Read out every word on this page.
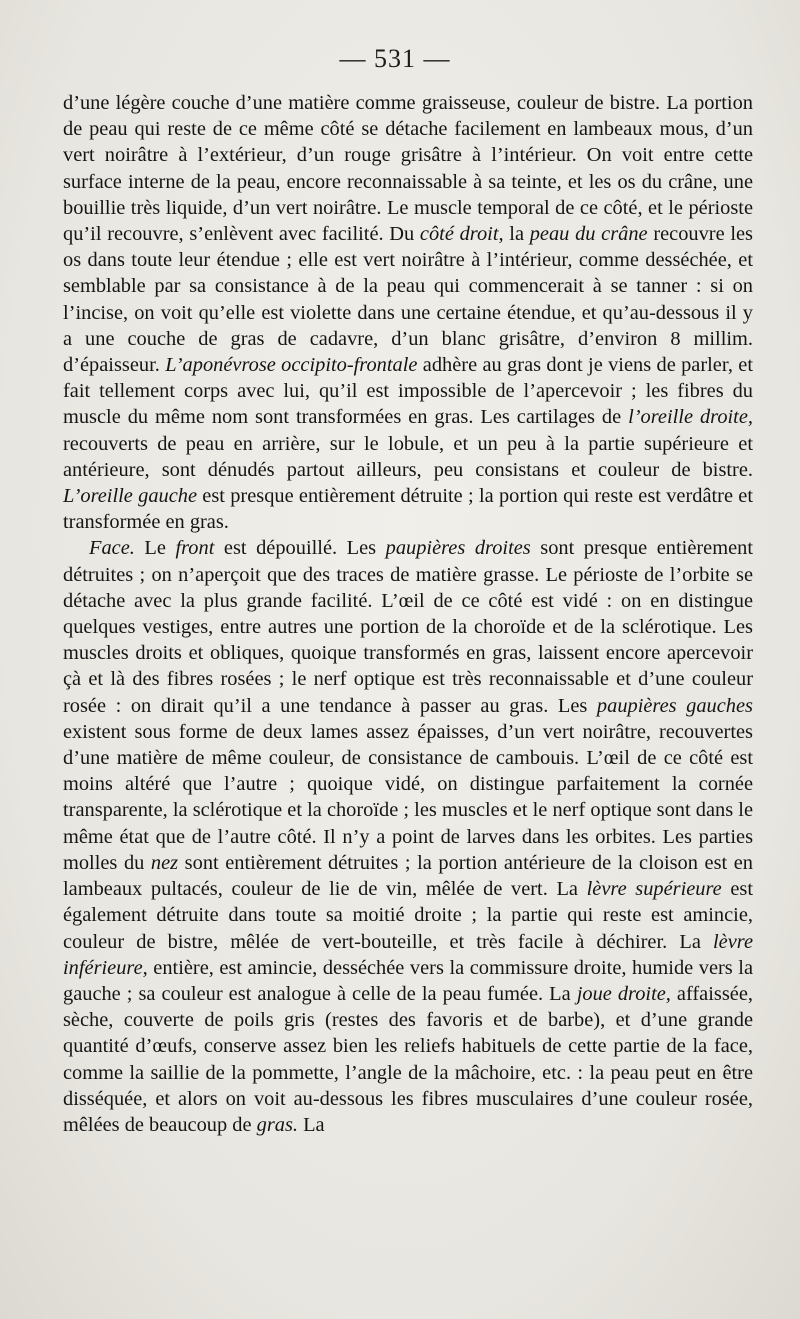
— 531 —

d’une légère couche d’une matière comme graisseuse, couleur de bistre. La portion de peau qui reste de ce même côté se détache facilement en lambeaux mous, d’un vert noirâtre à l’extérieur, d’un rouge grisâtre à l’intérieur. On voit entre cette surface interne de la peau, encore reconnaissable à sa teinte, et les os du crâne, une bouillie très liquide, d’un vert noirâtre. Le muscle temporal de ce côté, et le périoste qu’il recouvre, s’enlèvent avec facilité. Du côté droit, la peau du crâne recouvre les os dans toute leur étendue ; elle est vert noirâtre à l’intérieur, comme desséchée, et semblable par sa consistance à de la peau qui commencerait à se tanner : si on l’incise, on voit qu’elle est violette dans une certaine étendue, et qu’au-dessous il y a une couche de gras de cadavre, d’un blanc grisâtre, d’environ 8 millim. d’épaisseur. L’aponévrose occipito-frontale adhère au gras dont je viens de parler, et fait tellement corps avec lui, qu’il est impossible de l’apercevoir ; les fibres du muscle du même nom sont transformées en gras. Les cartilages de l’oreille droite, recouverts de peau en arrière, sur le lobule, et un peu à la partie supérieure et antérieure, sont dénudés partout ailleurs, peu consistans et couleur de bistre. L’oreille gauche est presque entièrement détruite ; la portion qui reste est verdâtre et transformée en gras.

Face. Le front est dépouillé. Les paupières droites sont presque entièrement détruites ; on n’aperçoit que des traces de matière grasse. Le périoste de l’orbite se détache avec la plus grande facilité. L’œil de ce côté est vidé : on en distingue quelques vestiges, entre autres une portion de la choroïde et de la sclérotique. Les muscles droits et obliques, quoique transformés en gras, laissent encore apercevoir çà et là des fibres rosées ; le nerf optique est très reconnaissable et d’une couleur rosée : on dirait qu’il a une tendance à passer au gras. Les paupières gauches existent sous forme de deux lames assez épaisses, d’un vert noirâtre, recouvertes d’une matière de même couleur, de consistance de cambouis. L’œil de ce côté est moins altéré que l’autre ; quoique vidé, on distingue parfaitement la cornée transparente, la sclérotique et la choroïde ; les muscles et le nerf optique sont dans le même état que de l’autre côté. Il n’y a point de larves dans les orbites. Les parties molles du nez sont entièrement détruites ; la portion antérieure de la cloison est en lambeaux pultacés, couleur de lie de vin, mêlée de vert. La lèvre supérieure est également détruite dans toute sa moitié droite ; la partie qui reste est amincie, couleur de bistre, mêlée de vert-bouteille, et très facile à déchirer. La lèvre inférieure, entière, est amincie, desséchée vers la commissure droite, humide vers la gauche ; sa couleur est analogue à celle de la peau fumée. La joue droite, affaissée, sèche, couverte de poils gris (restes des favoris et de barbe), et d’une grande quantité d’œufs, conserve assez bien les reliefs habituels de cette partie de la face, comme la saillie de la pommette, l’angle de la mâchoire, etc. : la peau peut en être disséquée, et alors on voit au-dessous les fibres musculaires d’une couleur rosée, mêlées de beaucoup de gras. La
